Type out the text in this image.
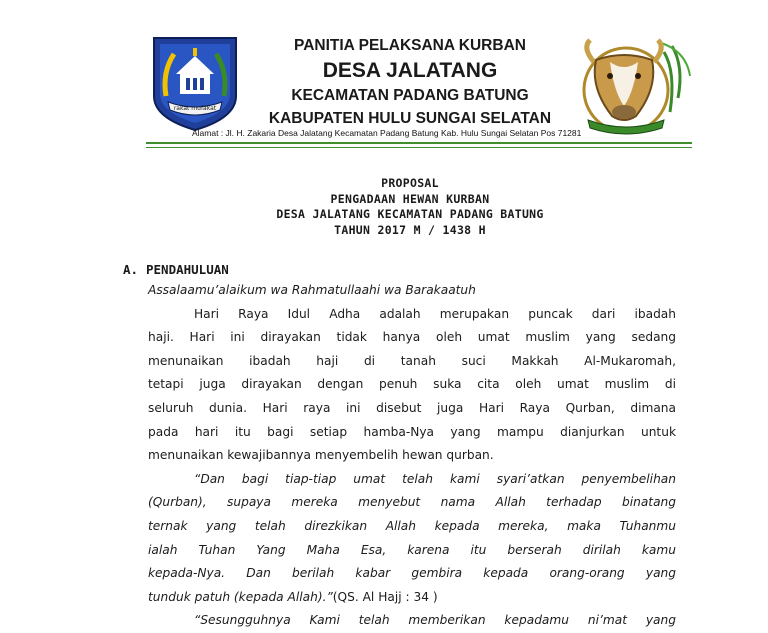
rakat mufakat
PANITIA PELAKSANA KURBAN
DESA JALATANG
KECAMATAN PADANG BATUNG
KABUPATEN HULU SUNGAI SELATAN
Alamat : Jl. H. Zakaria Desa Jalatang Kecamatan Padang Batung Kab. Hulu Sungai Selatan Pos 71281
PROPOSAL
PENGADAAN HEWAN KURBAN
DESA JALATANG KECAMATAN PADANG BATUNG
TAHUN 2017 M / 1438 H
A. PENDAHULUAN

Assalaamu’alaikum wa Rahmatullaahi wa Barakaatuh

Hari Raya Idul Adha adalah merupakan puncak dari ibadah

haji. Hari ini dirayakan tidak hanya oleh umat muslim yang sedang

menunaikan ibadah haji di tanah suci Makkah Al-Mukaromah,

tetapi juga dirayakan dengan penuh suka cita oleh umat muslim di

seluruh dunia. Hari raya ini disebut juga Hari Raya Qurban, dimana

pada hari itu bagi setiap hamba-Nya yang mampu dianjurkan untuk

menunaikan kewajibannya menyembelih hewan qurban.

“Dan bagi tiap-tiap umat telah kami syari’atkan penyembelihan

(Qurban), supaya mereka menyebut nama Allah terhadap binatang

ternak yang telah direzkikan Allah kepada mereka, maka Tuhanmu

ialah Tuhan Yang Maha Esa, karena itu berserah dirilah kamu

kepada-Nya. Dan berilah kabar gembira kepada orang-orang yang

tunduk patuh (kepada Allah).”(QS. Al Hajj : 34 )

“Sesungguhnya Kami telah memberikan kepadamu ni’mat yang
